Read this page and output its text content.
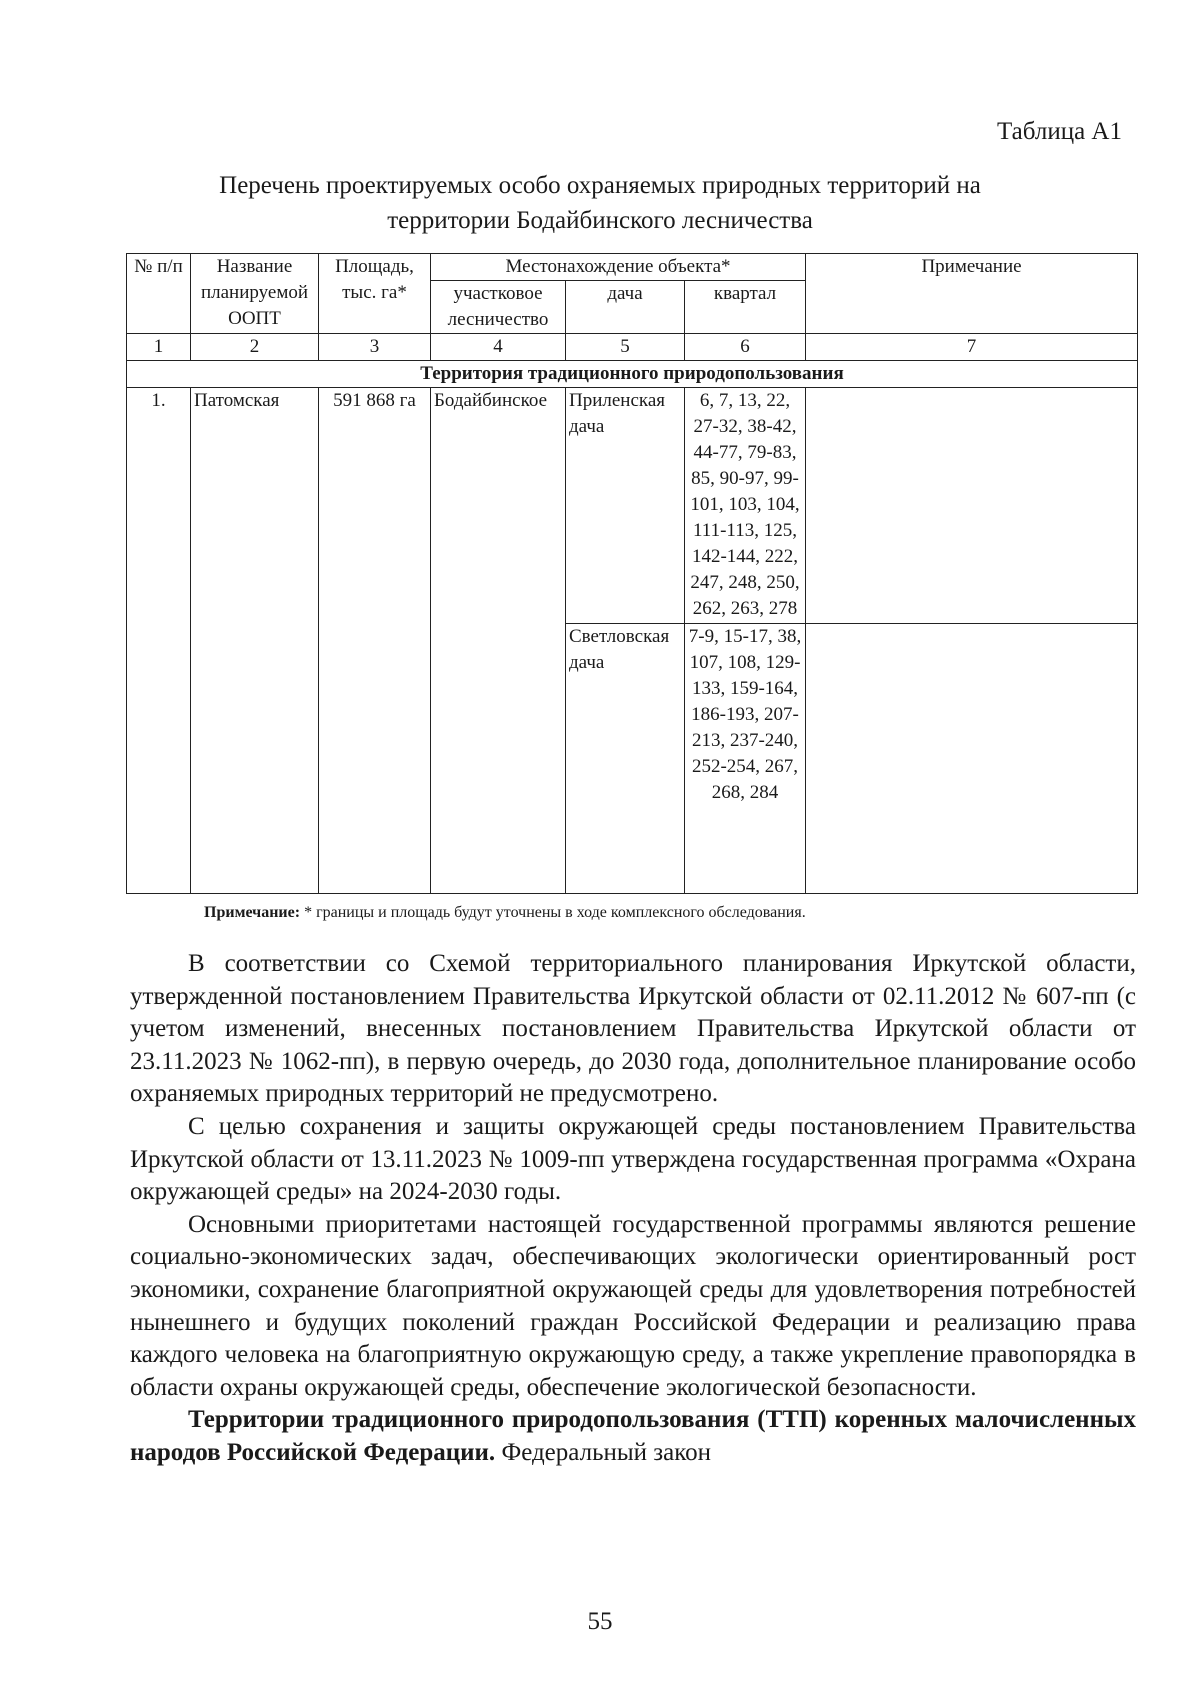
Таблица А1
Перечень проектируемых особо охраняемых природных территорий на
территории Бодайбинского лесничества
№ п/п	Название планируемой ООПТ	Площадь, тыс. га*	Местонахождение объекта*			Примечание
			участковое лесничество	дача	квартал	
1	2	3	4	5	6	7
Территория традиционного природопользования						
1.	Патомская	591 868 га	Бодайбинское	Приленская дача	6, 7, 13, 22, 27-32, 38-42, 44-77, 79-83, 85, 90-97, 99-101, 103, 104, 111-113, 125, 142-144, 222, 247, 248, 250, 262, 263, 278	
				Светловская дача	7-9, 15-17, 38, 107, 108, 129-133, 159-164, 186-193, 207-213, 237-240, 252-254, 267, 268, 284	
Примечание: * границы и площадь будут уточнены в ходе комплексного обследования.

В соответствии со Схемой территориального планирования Иркутской области, утвержденной постановлением Правительства Иркутской области от 02.11.2012 № 607-пп (с учетом изменений, внесенных постановлением Правительства Иркутской области от 23.11.2023 № 1062-пп), в первую очередь, до 2030 года, дополнительное планирование особо охраняемых природных территорий не предусмотрено.

С целью сохранения и защиты окружающей среды постановлением Правительства Иркутской области от 13.11.2023 № 1009-пп утверждена государственная программа «Охрана окружающей среды» на 2024-2030 годы.

Основными приоритетами настоящей государственной программы являются решение социально-экономических задач, обеспечивающих экологически ориентированный рост экономики, сохранение благоприятной окружающей среды для удовлетворения потребностей нынешнего и будущих поколений граждан Российской Федерации и реализацию права каждого человека на благоприятную окружающую среду, а также укрепление правопорядка в области охраны окружающей среды, обеспечение экологической безопасности.

Территории традиционного природопользования (ТТП) коренных малочисленных народов Российской Федерации. Федеральный закон

55
